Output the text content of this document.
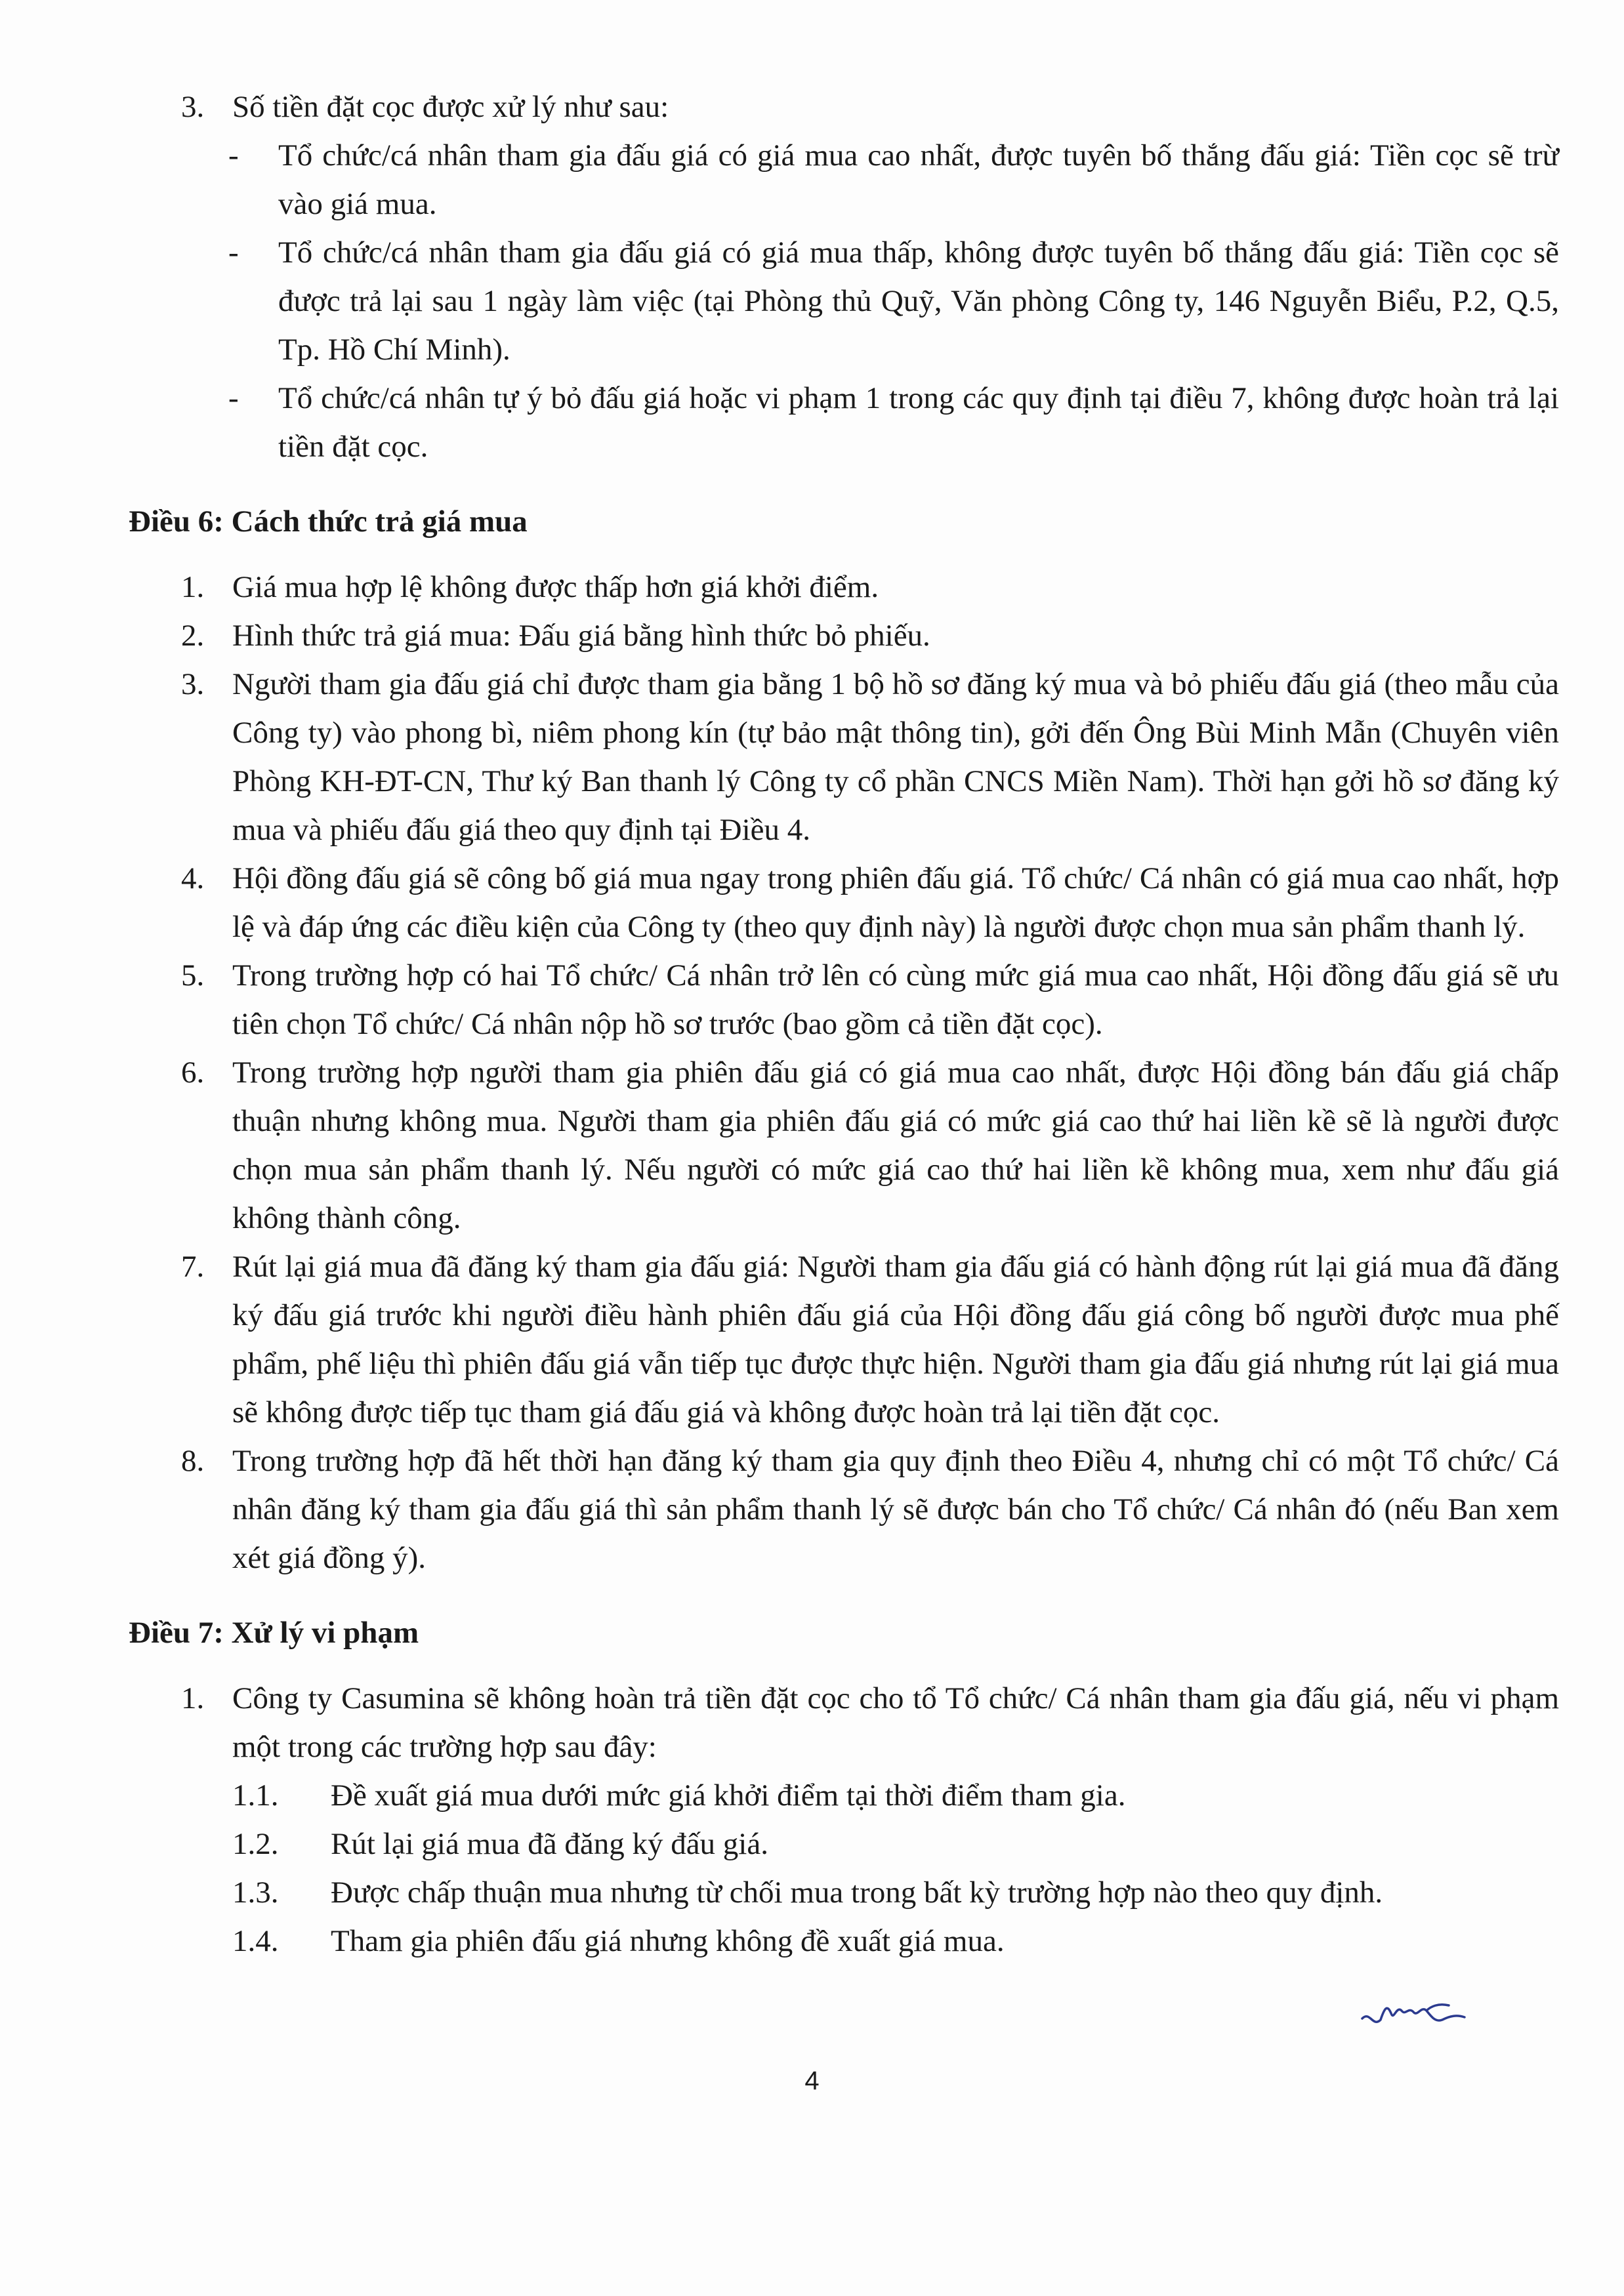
3. Số tiền đặt cọc được xử lý như sau:
- Tổ chức/cá nhân tham gia đấu giá có giá mua cao nhất, được tuyên bố thắng đấu giá: Tiền cọc sẽ trừ vào giá mua.
- Tổ chức/cá nhân tham gia đấu giá có giá mua thấp, không được tuyên bố thắng đấu giá: Tiền cọc sẽ được trả lại sau 1 ngày làm việc (tại Phòng thủ Quỹ, Văn phòng Công ty, 146 Nguyễn Biểu, P.2, Q.5, Tp. Hồ Chí Minh).
- Tổ chức/cá nhân tự ý bỏ đấu giá hoặc vi phạm 1 trong các quy định tại điều 7, không được hoàn trả lại tiền đặt cọc.
Điều 6: Cách thức trả giá mua
1. Giá mua hợp lệ không được thấp hơn giá khởi điểm.
2. Hình thức trả giá mua: Đấu giá bằng hình thức bỏ phiếu.
3. Người tham gia đấu giá chỉ được tham gia bằng 1 bộ hồ sơ đăng ký mua và bỏ phiếu đấu giá (theo mẫu của Công ty) vào phong bì, niêm phong kín (tự bảo mật thông tin), gởi đến Ông Bùi Minh Mẫn (Chuyên viên Phòng KH-ĐT-CN, Thư ký Ban thanh lý Công ty cổ phần CNCS Miền Nam). Thời hạn gởi hồ sơ đăng ký mua và phiếu đấu giá theo quy định tại Điều 4.
4. Hội đồng đấu giá sẽ công bố giá mua ngay trong phiên đấu giá. Tổ chức/ Cá nhân có giá mua cao nhất, hợp lệ và đáp ứng các điều kiện của Công ty (theo quy định này) là người được chọn mua sản phẩm thanh lý.
5. Trong trường hợp có hai Tổ chức/ Cá nhân trở lên có cùng mức giá mua cao nhất, Hội đồng đấu giá sẽ ưu tiên chọn Tổ chức/ Cá nhân nộp hồ sơ trước (bao gồm cả tiền đặt cọc).
6. Trong trường hợp người tham gia phiên đấu giá có giá mua cao nhất, được Hội đồng bán đấu giá chấp thuận nhưng không mua. Người tham gia phiên đấu giá có mức giá cao thứ hai liền kề sẽ là người được chọn mua sản phẩm thanh lý. Nếu người có mức giá cao thứ hai liền kề không mua, xem như đấu giá không thành công.
7. Rút lại giá mua đã đăng ký tham gia đấu giá: Người tham gia đấu giá có hành động rút lại giá mua đã đăng ký đấu giá trước khi người điều hành phiên đấu giá của Hội đồng đấu giá công bố người được mua phế phẩm, phế liệu thì phiên đấu giá vẫn tiếp tục được thực hiện. Người tham gia đấu giá nhưng rút lại giá mua sẽ không được tiếp tục tham giá đấu giá và không được hoàn trả lại tiền đặt cọc.
8. Trong trường hợp đã hết thời hạn đăng ký tham gia quy định theo Điều 4, nhưng chỉ có một Tổ chức/ Cá nhân đăng ký tham gia đấu giá thì sản phẩm thanh lý sẽ được bán cho Tổ chức/ Cá nhân đó (nếu Ban xem xét giá đồng ý).
Điều 7: Xử lý vi phạm
1. Công ty Casumina sẽ không hoàn trả tiền đặt cọc cho tổ Tổ chức/ Cá nhân tham gia đấu giá, nếu vi phạm một trong các trường hợp sau đây:
1.1. Đề xuất giá mua dưới mức giá khởi điểm tại thời điểm tham gia.
1.2. Rút lại giá mua đã đăng ký đấu giá.
1.3. Được chấp thuận mua nhưng từ chối mua trong bất kỳ trường hợp nào theo quy định.
1.4. Tham gia phiên đấu giá nhưng không đề xuất giá mua.
4
